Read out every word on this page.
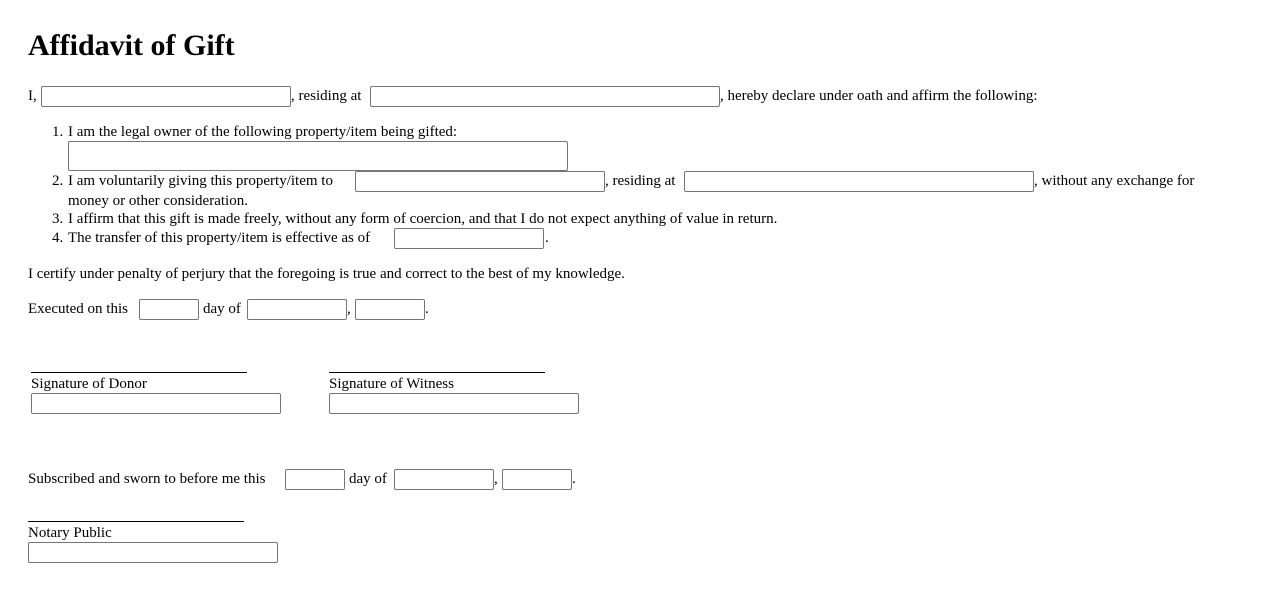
Affidavit of Gift
I,	, residing at	, hereby declare under oath and affirm the following:
1. I am the legal owner of the following property/item being gifted:
2. I am voluntarily giving this property/item to	, residing at	, without any exchange for
money or other consideration.
3. I affirm that this gift is made freely, without any form of coercion, and that I do not expect anything of value in return.
4. The transfer of this property/item is effective as of	.
I certify under penalty of perjury that the foregoing is true and correct to the best of my knowledge.
Executed on this	day of	,	.
Signature of Donor	Signature of Witness
Subscribed and sworn to before me this	day of	,	.
Notary Public
